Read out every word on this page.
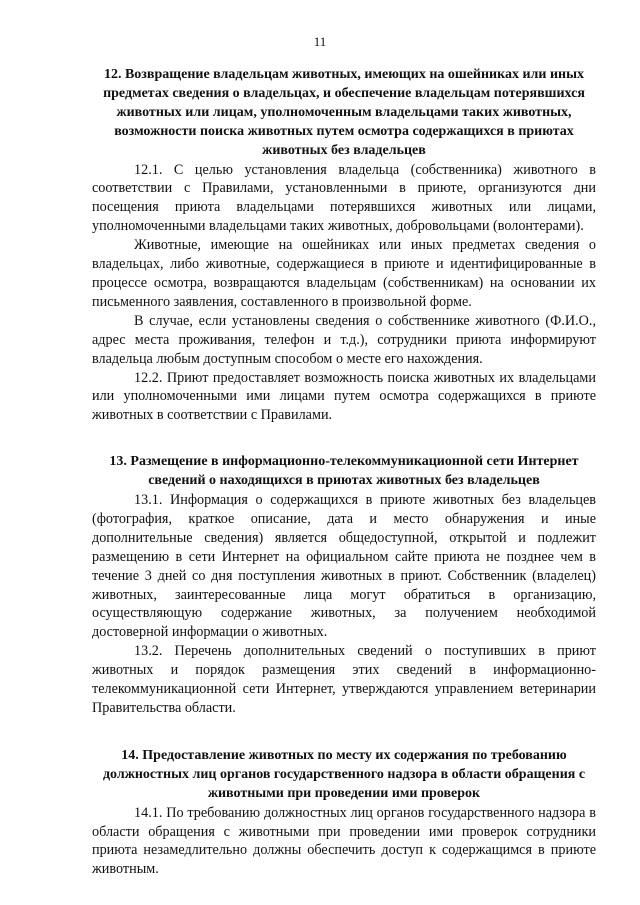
11

12. Возвращение владельцам животных, имеющих на ошейниках или иных предметах сведения о владельцах, и обеспечение владельцам потерявшихся животных или лицам, уполномоченным владельцами таких животных, возможности поиска животных путем осмотра содержащихся в приютах животных без владельцев

12.1. С целью установления владельца (собственника) животного в соответствии с Правилами, установленными в приюте, организуются дни посещения приюта владельцами потерявшихся животных или лицами, уполномоченными владельцами таких животных, добровольцами (волонтерами).

Животные, имеющие на ошейниках или иных предметах сведения о владельцах, либо животные, содержащиеся в приюте и идентифицированные в процессе осмотра, возвращаются владельцам (собственникам) на основании их письменного заявления, составленного в произвольной форме.

В случае, если установлены сведения о собственнике животного (Ф.И.О., адрес места проживания, телефон и т.д.), сотрудники приюта информируют владельца любым доступным способом о месте его нахождения.

12.2. Приют предоставляет возможность поиска животных их владельцами или уполномоченными ими лицами путем осмотра содержащихся в приюте животных в соответствии с Правилами.

13. Размещение в информационно-телекоммуникационной сети Интернет сведений о находящихся в приютах животных без владельцев

13.1. Информация о содержащихся в приюте животных без владельцев (фотография, краткое описание, дата и место обнаружения и иные дополнительные сведения) является общедоступной, открытой и подлежит размещению в сети Интернет на официальном сайте приюта не позднее чем в течение 3 дней со дня поступления животных в приют. Собственник (владелец) животных, заинтересованные лица могут обратиться в организацию, осуществляющую содержание животных, за получением необходимой достоверной информации о животных.

13.2. Перечень дополнительных сведений о поступивших в приют животных и порядок размещения этих сведений в информационно-телекоммуникационной сети Интернет, утверждаются управлением ветеринарии Правительства области.

14. Предоставление животных по месту их содержания по требованию должностных лиц органов государственного надзора в области обращения с животными при проведении ими проверок

14.1. По требованию должностных лиц органов государственного надзора в области обращения с животными при проведении ими проверок сотрудники приюта незамедлительно должны обеспечить доступ к содержащимся в приюте животным.
